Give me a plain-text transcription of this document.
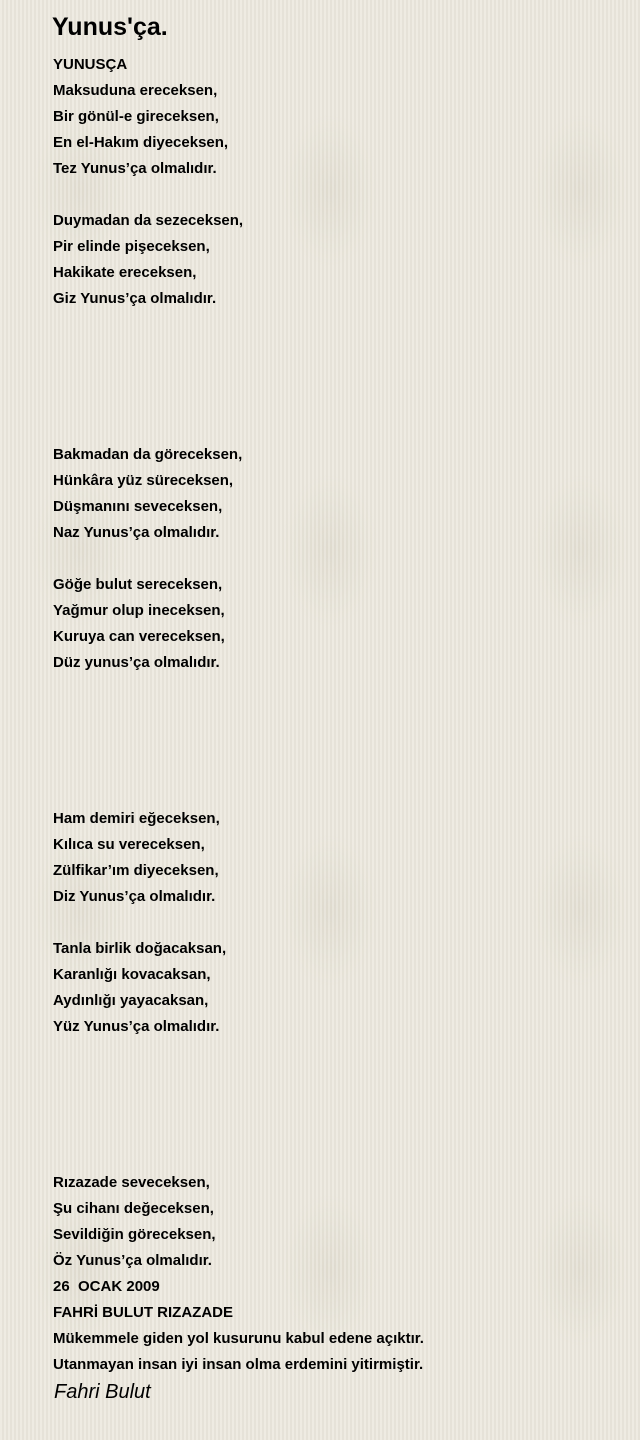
Yunus'ça.
YUNUSÇA
Maksuduna ereceksen,
Bir gönül-e gireceksen,
En el-Hakım diyeceksen,
Tez Yunus’ça olmalıdır.
Duymadan da sezeceksen,
Pir elinde pişeceksen,
Hakikate ereceksen,
Giz Yunus’ça olmalıdır.
Bakmadan da göreceksen,
Hünkâra yüz süreceksen,
Düşmanını seveceksen,
Naz Yunus’ça olmalıdır.
Göğe bulut sereceksen,
Yağmur olup ineceksen,
Kuruya can vereceksen,
Düz yunus’ça olmalıdır.
Ham demiri eğeceksen,
Kılıca su vereceksen,
Zülfikar’ım diyeceksen,
Diz Yunus’ça olmalıdır.
Tanla birlik doğacaksan,
Karanlığı kovacaksan,
Aydınlığı yayacaksan,
Yüz Yunus’ça olmalıdır.
Rızazade seveceksen,
Şu cihanı değeceksen,
Sevildiğin göreceksen,
Öz Yunus’ça olmalıdır.
26  OCAK 2009
FAHRİ BULUT RIZAZADE
Mükemmele giden yol kusurunu kabul edene açıktır.
Utanmayan insan iyi insan olma erdemini yitirmiştir.
Fahri Bulut
